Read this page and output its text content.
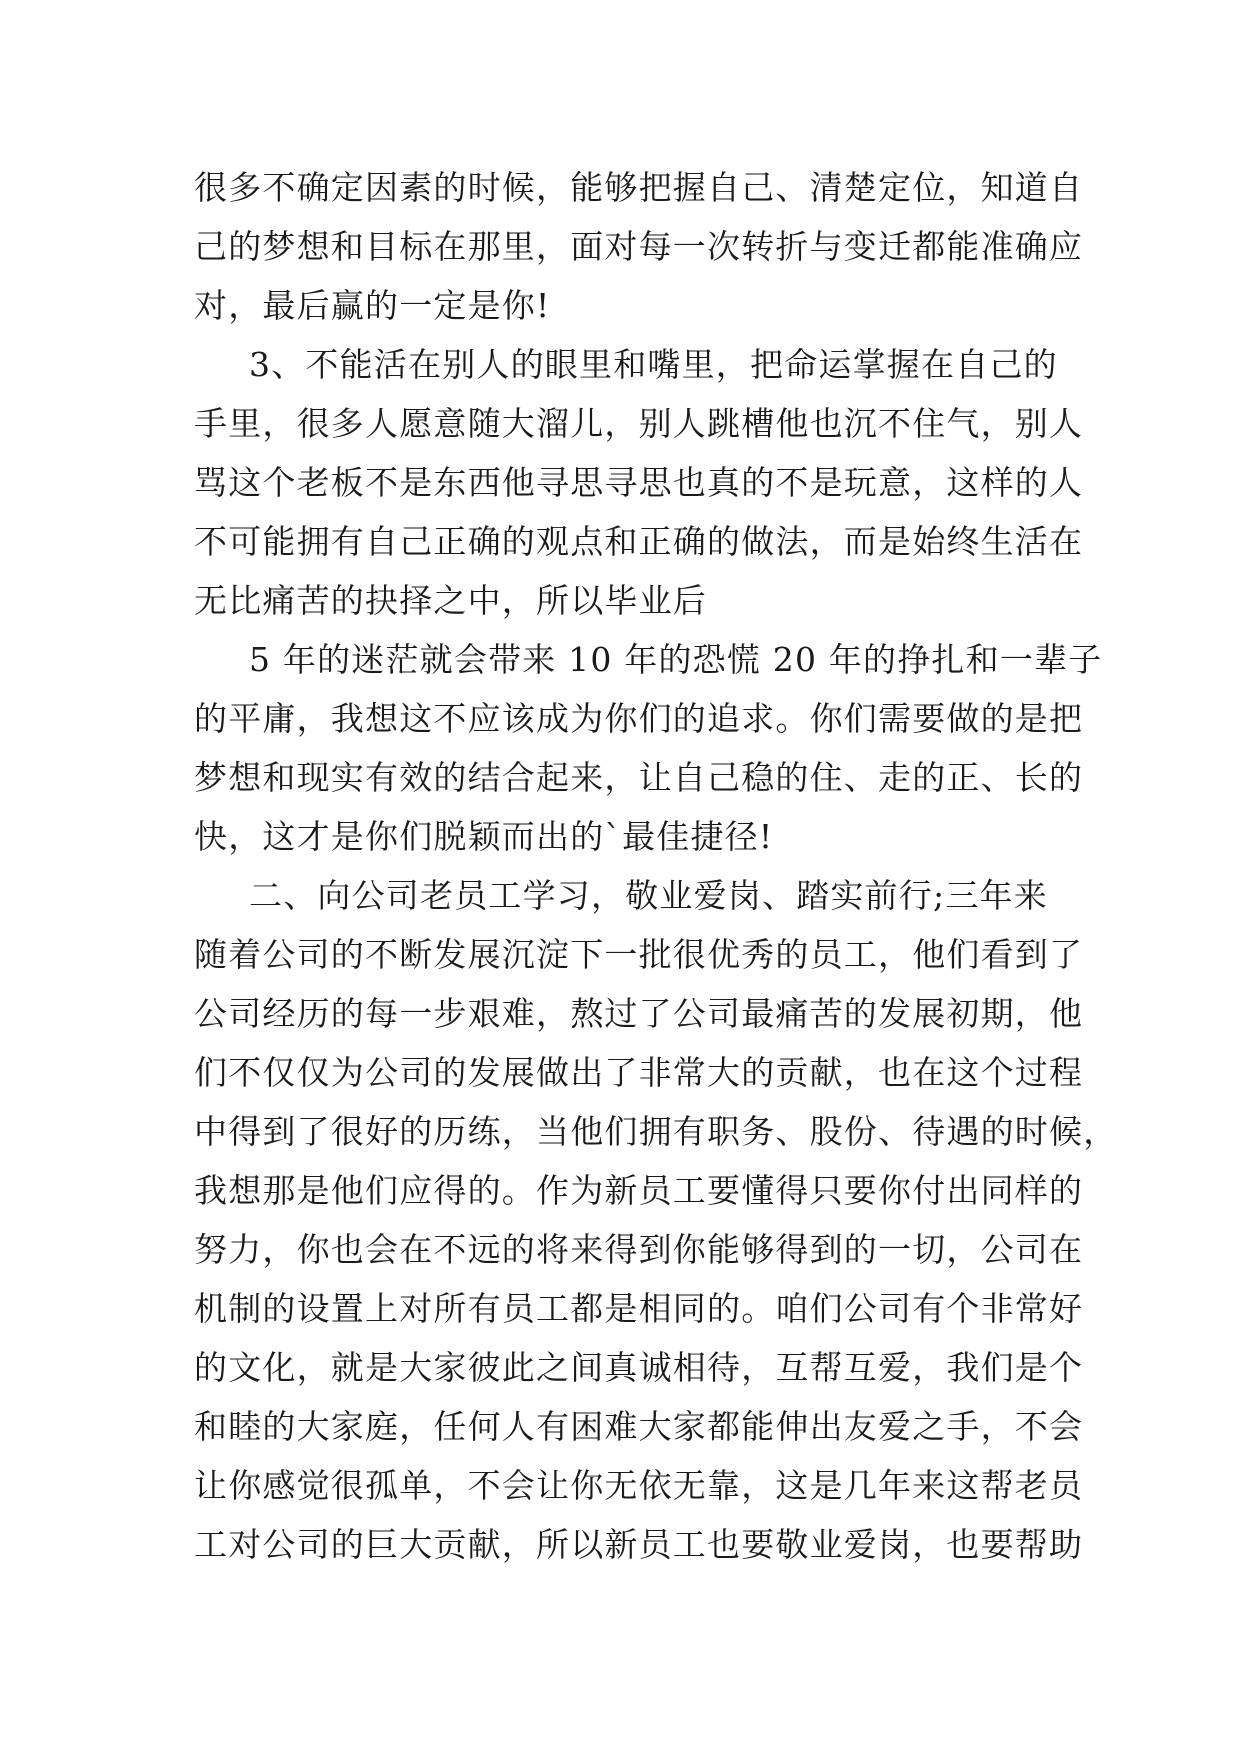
很多不确定因素的时候，能够把握自己、清楚定位，知道自
己的梦想和目标在那里，面对每一次转折与变迁都能准确应
对，最后赢的一定是你!
3、不能活在别人的眼里和嘴里，把命运掌握在自己的
手里，很多人愿意随大溜儿，别人跳槽他也沉不住气，别人
骂这个老板不是东西他寻思寻思也真的不是玩意，这样的人
不可能拥有自己正确的观点和正确的做法，而是始终生活在
无比痛苦的抉择之中，所以毕业后
5 年的迷茫就会带来 10 年的恐慌 20 年的挣扎和一辈子
的平庸，我想这不应该成为你们的追求。你们需要做的是把
梦想和现实有效的结合起来，让自己稳的住、走的正、长的
快，这才是你们脱颖而出的`最佳捷径!
二、向公司老员工学习，敬业爱岗、踏实前行;三年来
随着公司的不断发展沉淀下一批很优秀的员工，他们看到了
公司经历的每一步艰难，熬过了公司最痛苦的发展初期，他
们不仅仅为公司的发展做出了非常大的贡献，也在这个过程
中得到了很好的历练，当他们拥有职务、股份、待遇的时候，
我想那是他们应得的。作为新员工要懂得只要你付出同样的
努力，你也会在不远的将来得到你能够得到的一切，公司在
机制的设置上对所有员工都是相同的。咱们公司有个非常好
的文化，就是大家彼此之间真诚相待，互帮互爱，我们是个
和睦的大家庭，任何人有困难大家都能伸出友爱之手，不会
让你感觉很孤单，不会让你无依无靠，这是几年来这帮老员
工对公司的巨大贡献，所以新员工也要敬业爱岗，也要帮助
